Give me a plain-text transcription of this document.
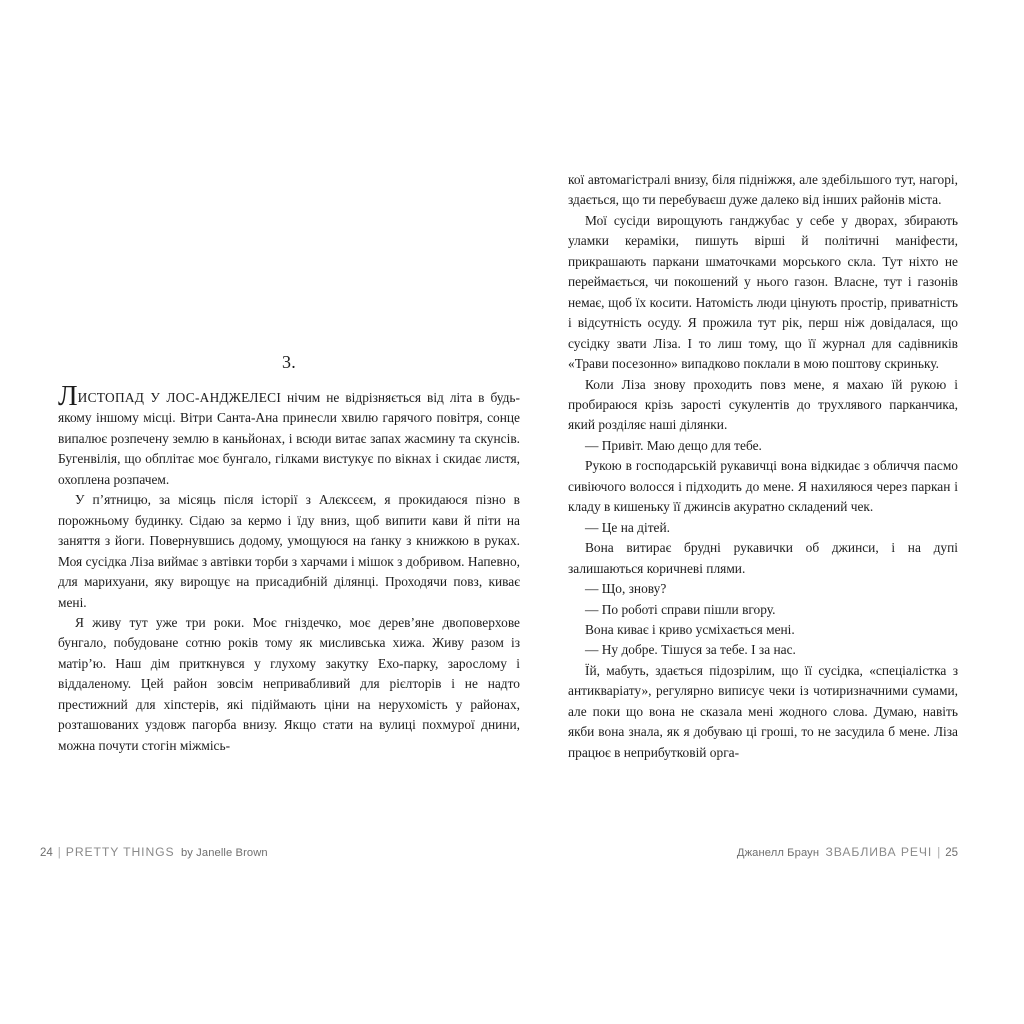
3.

ЛИСТОПАД У ЛОС-АНДЖЕЛЕСІ нічим не відрізняється від літа в будь-якому іншому місці. Вітри Санта-Ана принесли хвилю гарячого повітря, сонце випалює розпечену землю в каньйонах, і всюди витає запах жасмину та скунсів. Бугенвілія, що обплітає моє бунгало, гілками вистукує по вікнах і скидає листя, охоплена розпачем.

У п’ятницю, за місяць після історії з Алєксєєм, я прокидаюся пізно в порожньому будинку. Сідаю за кермо і їду вниз, щоб випити кави й піти на заняття з йоги. Повернувшись додому, умощуюся на ґанку з книжкою в руках. Моя сусідка Ліза виймає з автівки торби з харчами і мішок з добривом. Напевно, для марихуани, яку вирощує на присадибній ділянці. Проходячи повз, киває мені.

Я живу тут уже три роки. Моє гніздечко, моє дерев’яне двоповерхове бунгало, побудоване сотню років тому як мисливська хижа. Живу разом із матір’ю. Наш дім приткнувся у глухому закутку Ехо-парку, зарослому і віддаленому. Цей район зовсім непривабливий для рієлторів і не надто престижний для хіпстерів, які підіймають ціни на нерухомість у районах, розташованих уздовж пагорба внизу. Якщо стати на вулиці похмурої днини, можна почути стогін міжмісь-

кої автомагістралі внизу, біля підніжжя, але здебільшого тут, нагорі, здається, що ти перебуваєш дуже далеко від інших районів міста.

Мої сусіди вирощують ганджубас у себе у дворах, збирають уламки кераміки, пишуть вірші й політичні маніфести, прикрашають паркани шматочками морського скла. Тут ніхто не переймається, чи покошений у нього газон. Власне, тут і газонів немає, щоб їх косити. Натомість люди цінують простір, приватність і відсутність осуду. Я прожила тут рік, перш ніж довідалася, що сусідку звати Ліза. І то лиш тому, що її журнал для садівників «Трави посезонно» випадково поклали в мою поштову скриньку.

Коли Ліза знову проходить повз мене, я махаю їй рукою і пробираюся крізь зарості сукулентів до трухлявого парканчика, який розділяє наші ділянки.

— Привіт. Маю дещо для тебе.

Рукою в господарській рукавичці вона відкидає з обличчя пасмо сивіючого волосся і підходить до мене. Я нахиляюся через паркан і кладу в кишеньку її джинсів акуратно складений чек.

— Це на дітей.

Вона витирає брудні рукавички об джинси, і на дупі залишаються коричневі плями.

— Що, знову?

— По роботі справи пішли вгору.

Вона киває і криво усміхається мені.

— Ну добре. Тішуся за тебе. І за нас.

Їй, мабуть, здається підозрілим, що її сусідка, «спеціалістка з антикваріату», регулярно виписує чеки із чотиризначними сумами, але поки що вона не сказала мені жодного слова. Думаю, навіть якби вона знала, як я добуваю ці гроші, то не засудила б мене. Ліза працює в неприбутковій орга-

24 | PRETTY THINGS by Janelle Brown	Джанелл Браун ЗВАБЛИВА РЕЧІ | 25
